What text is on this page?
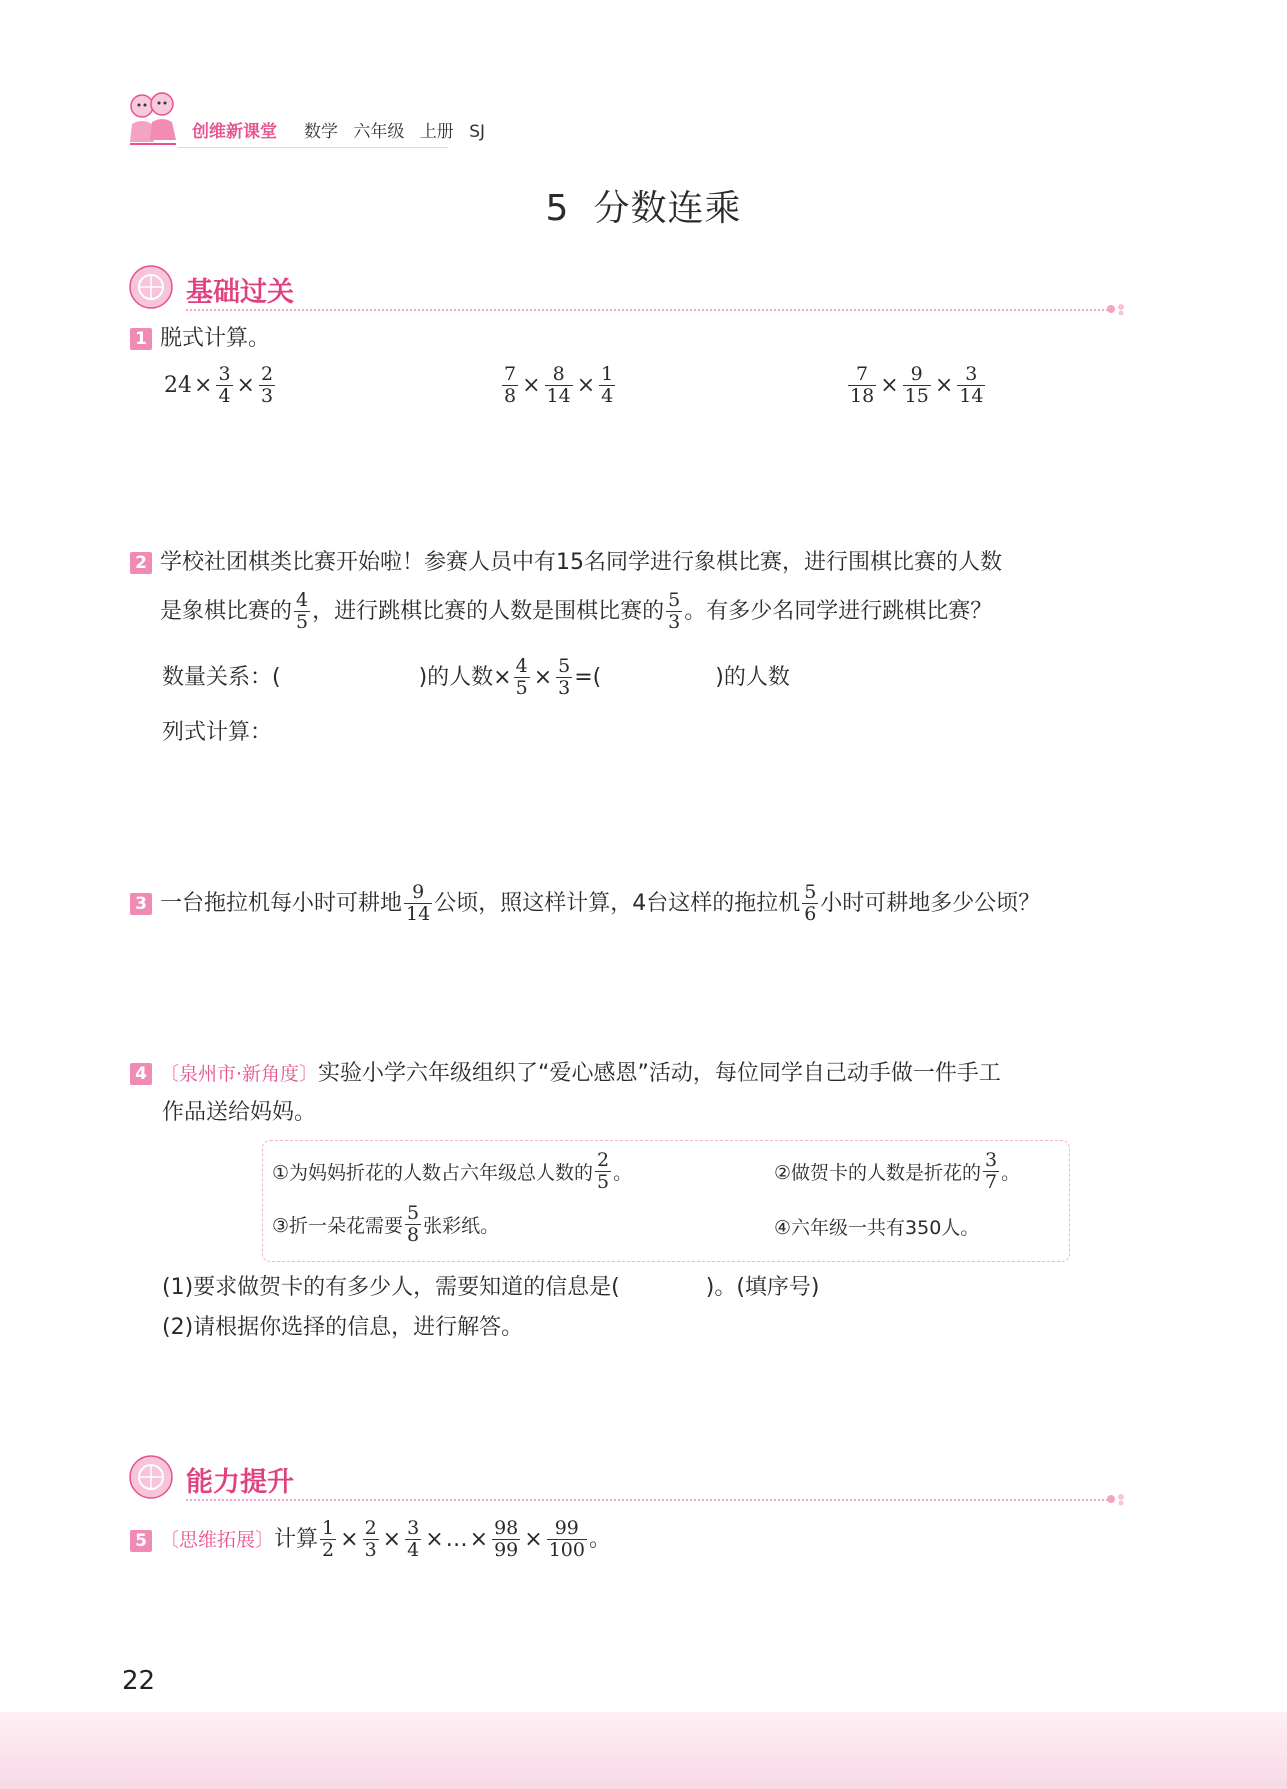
创维新课堂 数学 六年级 上册 SJ
5 分数连乘
基础过关
1 脱式计算。
$24 \times \frac{3}{4} \times \frac{2}{3}$	$\frac{7}{8} \times \frac{8}{14} \times \frac{1}{4}$	$\frac{7}{18} \times \frac{9}{15} \times \frac{3}{14}$
2 学校社团棋类比赛开始啦！参赛人员中有15名同学进行象棋比赛，进行围棋比赛的人数
是象棋比赛的 $\frac{4}{5}$ ，进行跳棋比赛的人数是围棋比赛的 $\frac{5}{3}$ 。有多少名同学进行跳棋比赛？
数量关系：(	)的人数× $\frac{4}{5} \times \frac{5}{3}$ =(	)的人数
列式计算：
3 一台拖拉机每小时可耕地 $\frac{9}{14}$ 公顷，照这样计算，4台这样的拖拉机 $\frac{5}{6}$ 小时可耕地多少公顷？
4 〔泉州市·新角度〕实验小学六年级组织了“爱心感恩”活动，每位同学自己动手做一件手工
作品送给妈妈。
①为妈妈折花的人数占六年级总人数的 $\frac{2}{5}$ 。	②做贺卡的人数是折花的 $\frac{3}{7}$ 。
③折一朵花需要 $\frac{5}{8}$ 张彩纸。	④六年级一共有350人。
(1)要求做贺卡的有多少人，需要知道的信息是(	)。(填序号)
(2)请根据你选择的信息，进行解答。
能力提升
5 〔思维拓展〕 计算 $\frac{1}{2} \times \frac{2}{3} \times \frac{3}{4}$ × … × $\frac{98}{99} \times \frac{99}{100}$ 。
22
